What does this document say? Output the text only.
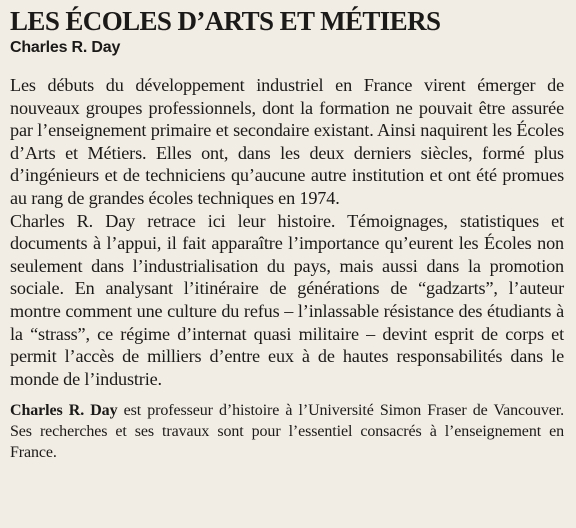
LES ÉCOLES D’ARTS ET MÉTIERS
Charles R. Day

Les débuts du développement industriel en France virent émerger de nouveaux groupes professionnels, dont la formation ne pouvait être assurée par l’enseignement primaire et secondaire existant. Ainsi naquirent les Écoles d’Arts et Métiers. Elles ont, dans les deux derniers siècles, formé plus d’ingénieurs et de techniciens qu’aucune autre institution et ont été promues au rang de grandes écoles techniques en 1974.

Charles R. Day retrace ici leur histoire. Témoignages, statistiques et documents à l’appui, il fait apparaître l’importance qu’eurent les Écoles non seulement dans l’industrialisation du pays, mais aussi dans la promotion sociale. En analysant l’itinéraire de générations de “gadzarts”, l’auteur montre comment une culture du refus – l’inlassable résistance des étudiants à la “strass”, ce régime d’internat quasi militaire – devint esprit de corps et permit l’accès de milliers d’entre eux à de hautes responsabilités dans le monde de l’industrie.

Charles R. Day est professeur d’histoire à l’Université Simon Fraser de Vancouver. Ses recherches et ses travaux sont pour l’essentiel consacrés à l’enseignement en France.
